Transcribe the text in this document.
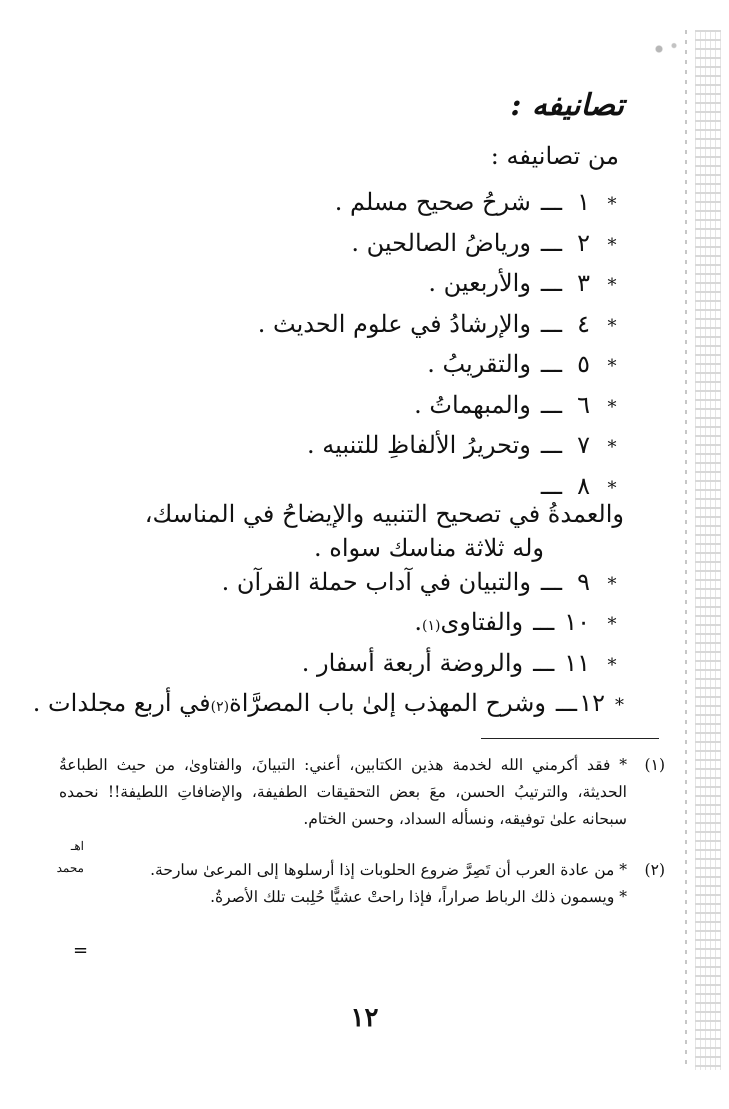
تصانيفه :
من تصانيفه :
*
١
ـــ
شرحُ صحيح مسلم .
*
٢
ـــ
ورياضُ الصالحين .
*
٣
ـــ
والأربعين .
*
٤
ـــ
والإرشادُ في علوم الحديث .
*
٥
ـــ
والتقريبُ .
*
٦
ـــ
والمبهماتُ .
*
٧
ـــ
وتحريرُ الألفاظِ للتنبيه .
*
٨
ـــ
والعمدةُ في تصحيح التنبيه والإيضاحُ في المناسك،
وله ثلاثة مناسك سواه .
*
٩
ـــ
والتبيان في آداب حملة القرآن .
*
١٠
ـــ
والفتاوى
(١)
.
*
١١
ـــ
والروضة أربعة أسفار .
*
١٢
ـــ
وشرح المهذب إلىٰ باب المصرَّاة
(٢)
في أربع مجلدات .
(١)
* فقد أكرمني الله لخدمة هذين الكتابين، أعني: التبيانَ، والفتاوىٰ، من حيث الطباعةُ الحديثة، والترتيبُ الحسن، معَ بعض التحقيقات الطفيفة، والإضافاتِ اللطيفة!! نحمده سبحانه علىٰ توفيقه، ونسأله السداد، وحسن الختام.
اهـ محمد	(٢)
* من عادة العرب أن تَصِرَّ ضروع الحلوبات إذا أرسلوها إلى المرعىٰ سارحة.
* ويسمون ذلك الرباط صراراً، فإذا راحتْ عشيًّا حُلِبت تلك الأصرةُ.
=
١٢
